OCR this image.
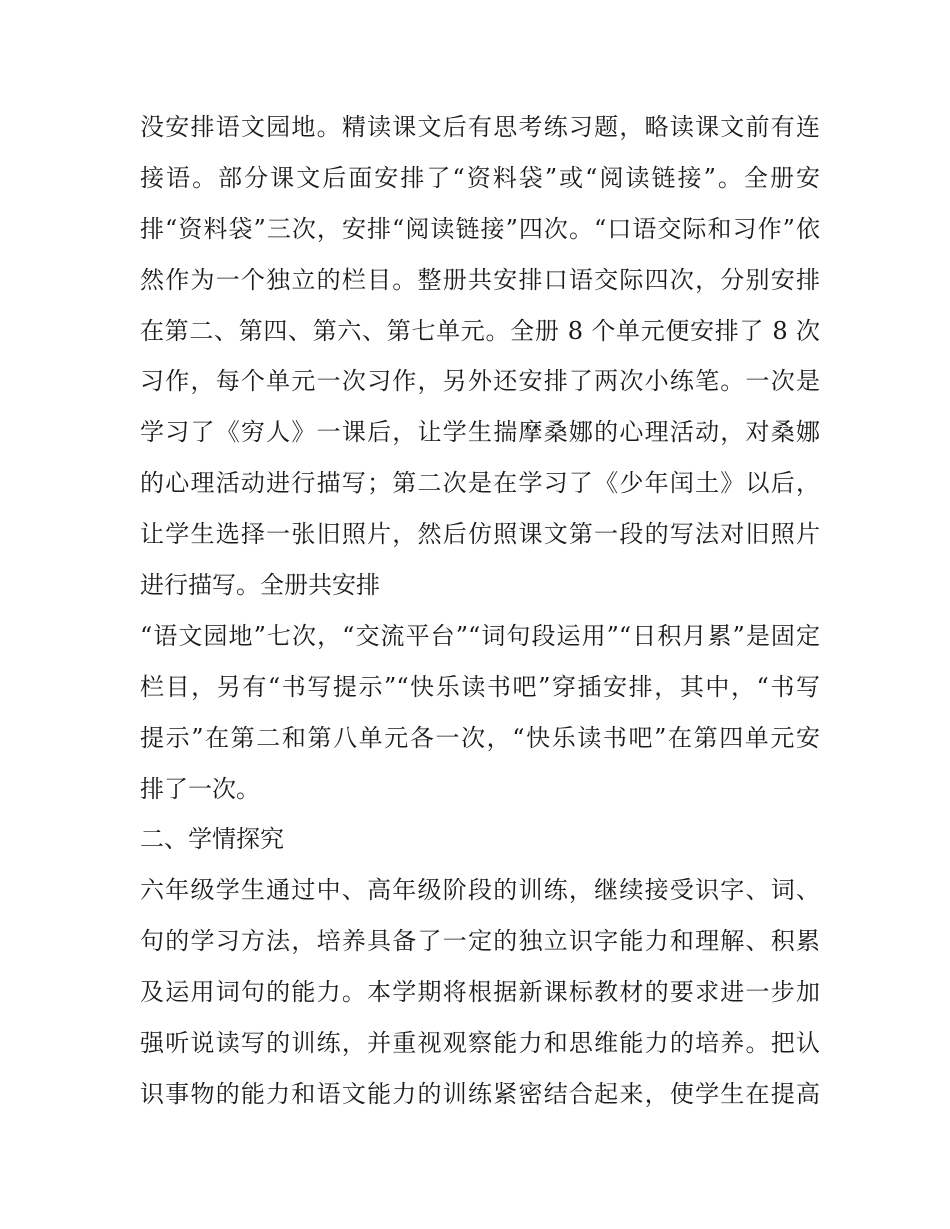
没安排语文园地。精读课文后有思考练习题，略读课文前有连
接语。部分课文后面安排了“资料袋”或“阅读链接”。全册安
排“资料袋”三次，安排“阅读链接”四次。“口语交际和习作”依
然作为一个独立的栏目。整册共安排口语交际四次，分别安排
在第二、第四、第六、第七单元。全册 8 个单元便安排了 8 次
习作，每个单元一次习作，另外还安排了两次小练笔。一次是
学习了《穷人》一课后，让学生揣摩桑娜的心理活动，对桑娜
的心理活动进行描写；第二次是在学习了《少年闰土》以后，
让学生选择一张旧照片，然后仿照课文第一段的写法对旧照片
进行描写。全册共安排
“语文园地”七次，“交流平台”“词句段运用”“日积月累”是固定
栏目，另有“书写提示”“快乐读书吧”穿插安排，其中，“书写
提示”在第二和第八单元各一次，“快乐读书吧”在第四单元安
排了一次。
二、学情探究
六年级学生通过中、高年级阶段的训练，继续接受识字、词、
句的学习方法，培养具备了一定的独立识字能力和理解、积累
及运用词句的能力。本学期将根据新课标教材的要求进一步加
强听说读写的训练，并重视观察能力和思维能力的培养。把认
识事物的能力和语文能力的训练紧密结合起来，使学生在提高
